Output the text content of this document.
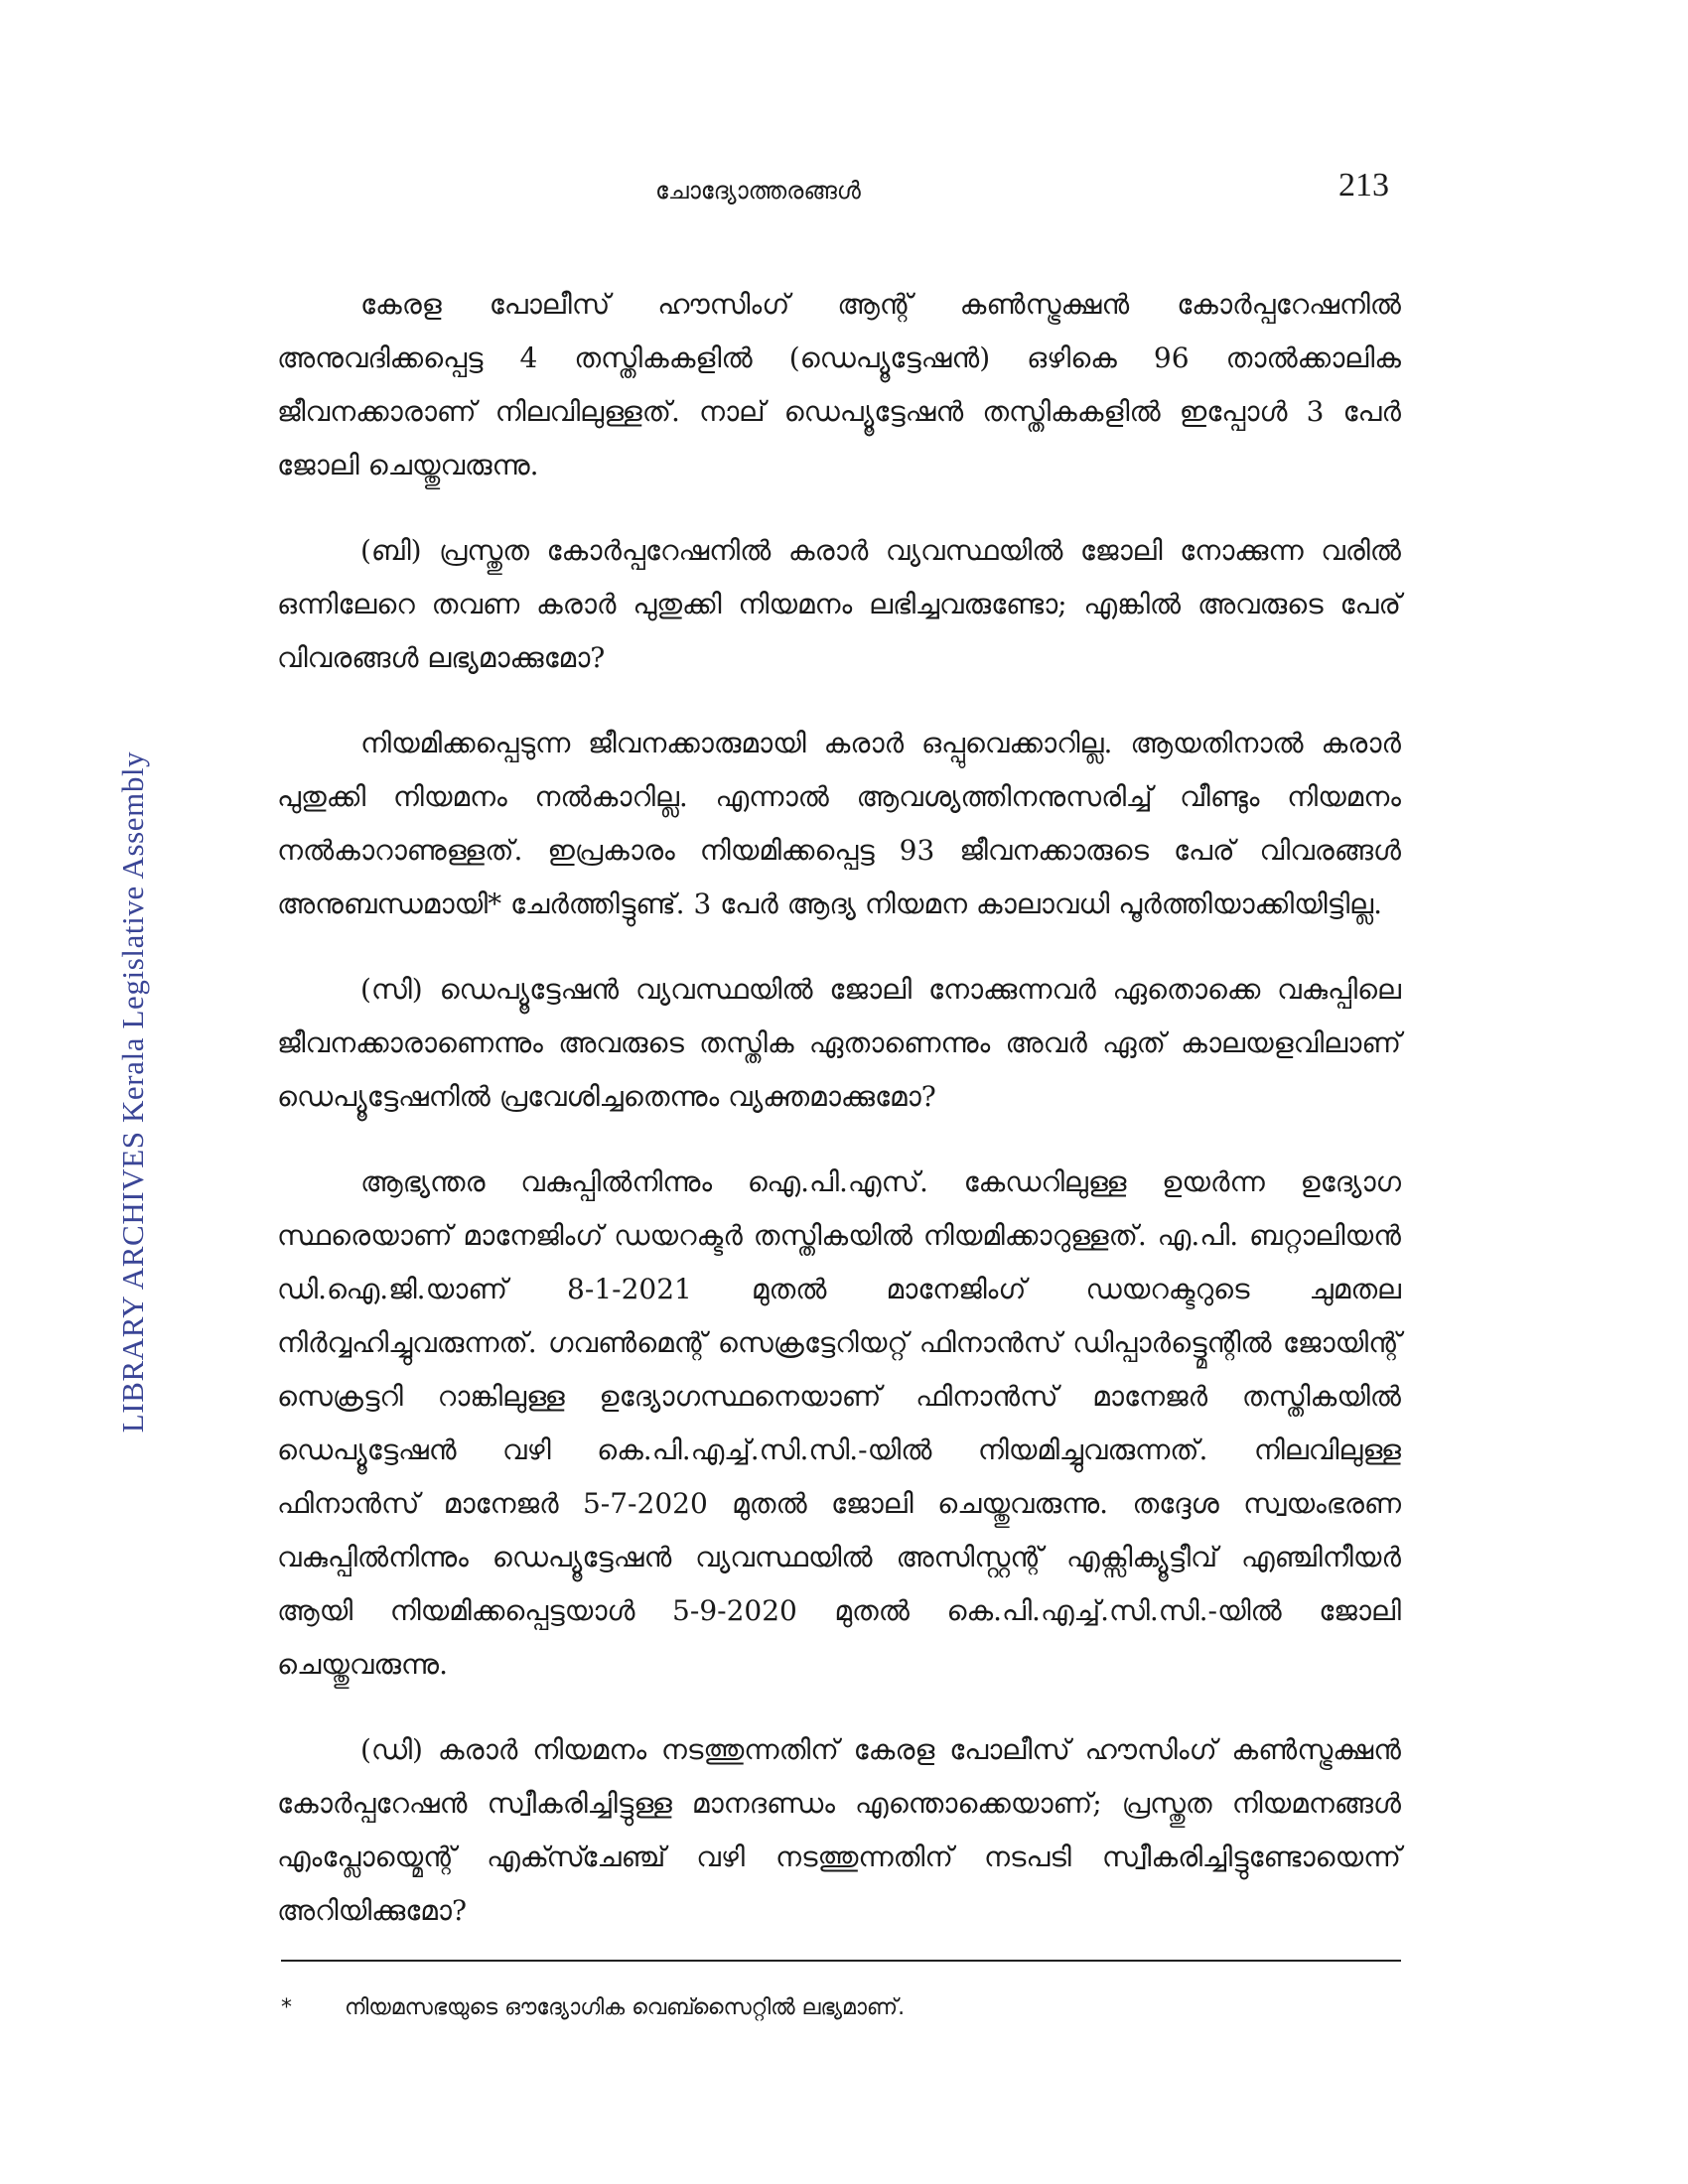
ചോദ്യോത്തരങ്ങൾ	213
LIBRARY ARCHIVES Kerala Legislative Assembly

കേരള പോലീസ് ഹൗസിംഗ് ആന്റ് കൺസ്ട്രക്ഷൻ കോർപ്പറേഷനിൽ അനുവദിക്കപ്പെട്ട 4 തസ്തികകളിൽ (ഡെപ്യൂട്ടേഷൻ) ഒഴികെ 96 താൽക്കാലിക ജീവനക്കാരാണ് നിലവിലുള്ളത്. നാല് ഡെപ്യൂട്ടേഷൻ തസ്തികകളിൽ ഇപ്പോൾ 3 പേർ ജോലി ചെയ്തുവരുന്നു.

(ബി) പ്രസ്തുത കോർപ്പറേഷനിൽ കരാർ വ്യവസ്ഥയിൽ ജോലി നോക്കുന്ന വരിൽ ഒന്നിലേറെ തവണ കരാർ പുതുക്കി നിയമനം ലഭിച്ചവരുണ്ടോ; എങ്കിൽ അവരുടെ പേര് വിവരങ്ങൾ ലഭ്യമാക്കുമോ?

നിയമിക്കപ്പെടുന്ന ജീവനക്കാരുമായി കരാർ ഒപ്പുവെക്കാറില്ല. ആയതിനാൽ കരാർ പുതുക്കി നിയമനം നൽകാറില്ല. എന്നാൽ ആവശ്യത്തിനനുസരിച്ച് വീണ്ടും നിയമനം നൽകാറാണുള്ളത്. ഇപ്രകാരം നിയമിക്കപ്പെട്ട 93 ജീവനക്കാരുടെ പേര് വിവരങ്ങൾ അനുബന്ധമായി* ചേർത്തിട്ടുണ്ട്. 3 പേർ ആദ്യ നിയമന കാലാവധി പൂർത്തിയാക്കിയിട്ടില്ല.

(സി) ഡെപ്യൂട്ടേഷൻ വ്യവസ്ഥയിൽ ജോലി നോക്കുന്നവർ ഏതൊക്കെ വകുപ്പിലെ ജീവനക്കാരാണെന്നും അവരുടെ തസ്തിക ഏതാണെന്നും അവർ ഏത് കാലയളവിലാണ് ഡെപ്യൂട്ടേഷനിൽ പ്രവേശിച്ചതെന്നും വ്യക്തമാക്കുമോ?

ആഭ്യന്തര വകുപ്പിൽനിന്നും ഐ.പി.എസ്. കേഡറിലുള്ള ഉയർന്ന ഉദ്യോഗ സ്ഥരെയാണ് മാനേജിംഗ് ഡയറക്ടർ തസ്തികയിൽ നിയമിക്കാറുള്ളത്. എ.പി. ബറ്റാലിയൻ ഡി.ഐ.ജി.യാണ് 8-1-2021 മുതൽ മാനേജിംഗ് ഡയറക്ടറുടെ ചുമതല നിർവ്വഹിച്ചുവരുന്നത്. ഗവൺമെന്റ് സെക്രട്ടേറിയറ്റ് ഫിനാൻസ് ഡിപ്പാർട്ട്മെന്റിൽ ജോയിന്റ് സെക്രട്ടറി റാങ്കിലുള്ള ഉദ്യോഗസ്ഥനെയാണ് ഫിനാൻസ് മാനേജർ തസ്തികയിൽ ഡെപ്യൂട്ടേഷൻ വഴി കെ.പി.എച്ച്.സി.സി.-യിൽ നിയമിച്ചുവരുന്നത്. നിലവിലുള്ള ഫിനാൻസ് മാനേജർ 5-7-2020 മുതൽ ജോലി ചെയ്തുവരുന്നു. തദ്ദേശ സ്വയംഭരണ വകുപ്പിൽനിന്നും ഡെപ്യൂട്ടേഷൻ വ്യവസ്ഥയിൽ അസിസ്റ്റന്റ് എക്സിക്യൂട്ടീവ് എഞ്ചിനീയർ ആയി നിയമിക്കപ്പെട്ടയാൾ 5-9-2020 മുതൽ കെ.പി.എച്ച്.സി.സി.-യിൽ ജോലി ചെയ്തുവരുന്നു.

(ഡി) കരാർ നിയമനം നടത്തുന്നതിന് കേരള പോലീസ് ഹൗസിംഗ് കൺസ്ട്രക്ഷൻ കോർപ്പറേഷൻ സ്വീകരിച്ചിട്ടുള്ള മാനദണ്ഡം എന്തൊക്കെയാണ്; പ്രസ്തുത നിയമനങ്ങൾ എംപ്ലോയ്മെന്റ് എക്സ്ചേഞ്ച് വഴി നടത്തുന്നതിന് നടപടി സ്വീകരിച്ചിട്ടുണ്ടോയെന്ന് അറിയിക്കുമോ?

* നിയമസഭയുടെ ഔദ്യോഗിക വെബ്സൈറ്റിൽ ലഭ്യമാണ്.
